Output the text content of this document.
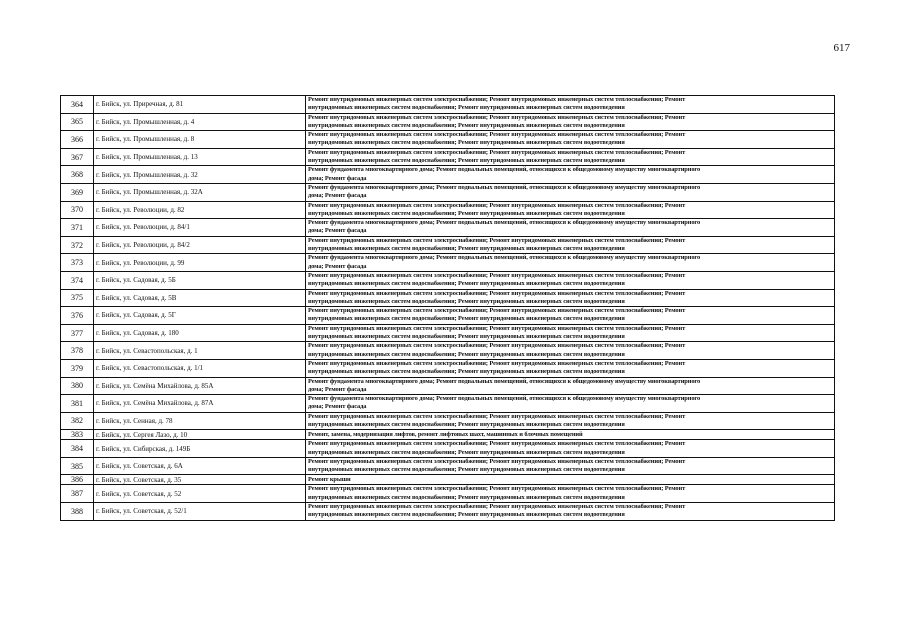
617
364	г. Бийск, ул. Приречная, д. 81	Ремонт внутридомовых инженерных систем электроснабжения; Ремонт внутридомовых инженерных систем теплоснабжения; Ремонт
внутридомовых инженерных систем водоснабжения; Ремонт внутридомовых инженерных систем водоотведения

365	г. Бийск, ул. Промышленная, д. 4	Ремонт внутридомовых инженерных систем электроснабжения; Ремонт внутридомовых инженерных систем теплоснабжения; Ремонт
внутридомовых инженерных систем водоснабжения; Ремонт внутридомовых инженерных систем водоотведения

366	г. Бийск, ул. Промышленная, д. 8	Ремонт внутридомовых инженерных систем электроснабжения; Ремонт внутридомовых инженерных систем теплоснабжения; Ремонт
внутридомовых инженерных систем водоснабжения; Ремонт внутридомовых инженерных систем водоотведения

367	г. Бийск, ул. Промышленная, д. 13	Ремонт внутридомовых инженерных систем электроснабжения; Ремонт внутридомовых инженерных систем теплоснабжения; Ремонт
внутридомовых инженерных систем водоснабжения; Ремонт внутридомовых инженерных систем водоотведения

368	г. Бийск, ул. Промышленная, д. 32	Ремонт фундамента многоквартирного дома; Ремонт подвальных помещений, относящихся к общедомовому имуществу многоквартирного
дома; Ремонт фасада

369	г. Бийск, ул. Промышленная, д. 32А	Ремонт фундамента многоквартирного дома; Ремонт подвальных помещений, относящихся к общедомовому имуществу многоквартирного
дома; Ремонт фасада

370	г. Бийск, ул. Революции, д. 82	Ремонт внутридомовых инженерных систем электроснабжения; Ремонт внутридомовых инженерных систем теплоснабжения; Ремонт
внутридомовых инженерных систем водоснабжения; Ремонт внутридомовых инженерных систем водоотведения

371	г. Бийск, ул. Революции, д. 84/1	Ремонт фундамента многоквартирного дома; Ремонт подвальных помещений, относящихся к общедомовому имуществу многоквартирного
дома; Ремонт фасада

372	г. Бийск, ул. Революции, д. 84/2	Ремонт внутридомовых инженерных систем электроснабжения; Ремонт внутридомовых инженерных систем теплоснабжения; Ремонт
внутридомовых инженерных систем водоснабжения; Ремонт внутридомовых инженерных систем водоотведения

373	г. Бийск, ул. Революции, д. 99	Ремонт фундамента многоквартирного дома; Ремонт подвальных помещений, относящихся к общедомовому имуществу многоквартирного
дома; Ремонт фасада

374	г. Бийск, ул. Садовая, д. 5Б	Ремонт внутридомовых инженерных систем электроснабжения; Ремонт внутридомовых инженерных систем теплоснабжения; Ремонт
внутридомовых инженерных систем водоснабжения; Ремонт внутридомовых инженерных систем водоотведения

375	г. Бийск, ул. Садовая, д. 5В	Ремонт внутридомовых инженерных систем электроснабжения; Ремонт внутридомовых инженерных систем теплоснабжения; Ремонт
внутридомовых инженерных систем водоснабжения; Ремонт внутридомовых инженерных систем водоотведения

376	г. Бийск, ул. Садовая, д. 5Г	Ремонт внутридомовых инженерных систем электроснабжения; Ремонт внутридомовых инженерных систем теплоснабжения; Ремонт
внутридомовых инженерных систем водоснабжения; Ремонт внутридомовых инженерных систем водоотведения

377	г. Бийск, ул. Садовая, д. 180	Ремонт внутридомовых инженерных систем электроснабжения; Ремонт внутридомовых инженерных систем теплоснабжения; Ремонт
внутридомовых инженерных систем водоснабжения; Ремонт внутридомовых инженерных систем водоотведения

378	г. Бийск, ул. Севастопольская, д. 1	Ремонт внутридомовых инженерных систем электроснабжения; Ремонт внутридомовых инженерных систем теплоснабжения; Ремонт
внутридомовых инженерных систем водоснабжения; Ремонт внутридомовых инженерных систем водоотведения

379	г. Бийск, ул. Севастопольская, д. 1/1	Ремонт внутридомовых инженерных систем электроснабжения; Ремонт внутридомовых инженерных систем теплоснабжения; Ремонт
внутридомовых инженерных систем водоснабжения; Ремонт внутридомовых инженерных систем водоотведения

380	г. Бийск, ул. Семёна Михайлова, д. 85А	Ремонт фундамента многоквартирного дома; Ремонт подвальных помещений, относящихся к общедомовому имуществу многоквартирного
дома; Ремонт фасада

381	г. Бийск, ул. Семёна Михайлова, д. 87А	Ремонт фундамента многоквартирного дома; Ремонт подвальных помещений, относящихся к общедомовому имуществу многоквартирного
дома; Ремонт фасада

382	г. Бийск, ул. Сенная, д. 78	Ремонт внутридомовых инженерных систем электроснабжения; Ремонт внутридомовых инженерных систем теплоснабжения; Ремонт
внутридомовых инженерных систем водоснабжения; Ремонт внутридомовых инженерных систем водоотведения

383	г. Бийск, ул. Сергея Лазо, д. 10	Ремонт, замена, модернизация лифтов, ремонт лифтовых шахт, машинных и блочных помещений

384	г. Бийск, ул. Сибирская, д. 149Б	Ремонт внутридомовых инженерных систем электроснабжения; Ремонт внутридомовых инженерных систем теплоснабжения; Ремонт
внутридомовых инженерных систем водоснабжения; Ремонт внутридомовых инженерных систем водоотведения

385	г. Бийск, ул. Советская, д. 6А	Ремонт внутридомовых инженерных систем электроснабжения; Ремонт внутридомовых инженерных систем теплоснабжения; Ремонт
внутридомовых инженерных систем водоснабжения; Ремонт внутридомовых инженерных систем водоотведения

386	г. Бийск, ул. Советская, д. 35	Ремонт крыши

387	г. Бийск, ул. Советская, д. 52	Ремонт внутридомовых инженерных систем электроснабжения; Ремонт внутридомовых инженерных систем теплоснабжения; Ремонт
внутридомовых инженерных систем водоснабжения; Ремонт внутридомовых инженерных систем водоотведения

388	г. Бийск, ул. Советская, д. 52/1	Ремонт внутридомовых инженерных систем электроснабжения; Ремонт внутридомовых инженерных систем теплоснабжения; Ремонт
внутридомовых инженерных систем водоснабжения; Ремонт внутридомовых инженерных систем водоотведения
